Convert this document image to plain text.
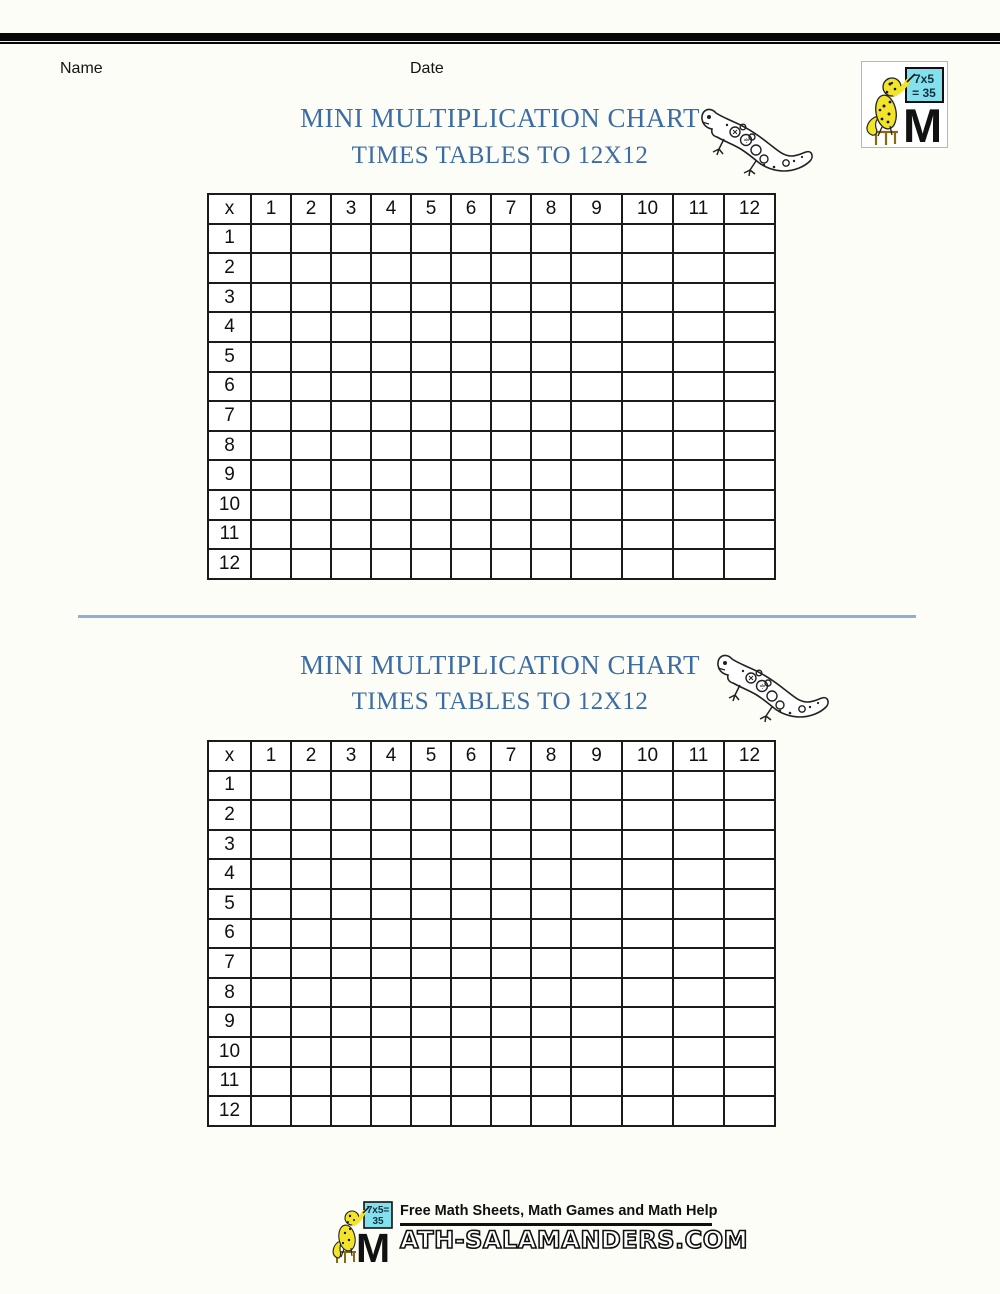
Name	Date
7x5
= 35
M
MINI MULTIPLICATION CHART
TIMES TABLES TO 12X12
x	1	2	3	4	5	6	7	8	9	10	11	12
1												
2												
3												
4												
5												
6												
7												
8												
9												
10												
11												
12												
MINI MULTIPLICATION CHART
TIMES TABLES TO 12X12
x	1	2	3	4	5	6	7	8	9	10	11	12
1												
2												
3												
4												
5												
6												
7												
8												
9												
10												
11												
12												
7x5=
35
M
Free Math Sheets, Math Games and Math Help
ATH-SALAMANDERS.COM
